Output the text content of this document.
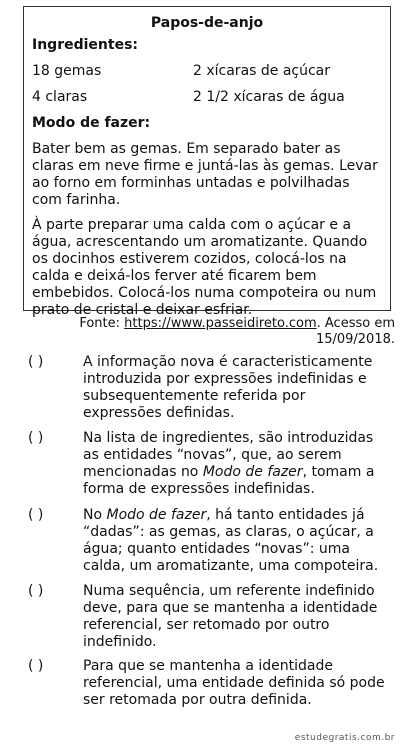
Papos-de-anjo
Ingredientes:
18 gemas	2 xícaras de açúcar
4 claras	2 1/2 xícaras de água
Modo de fazer:

Bater bem as gemas. Em separado bater as claras em neve firme e juntá-las às gemas. Levar ao forno em forminhas untadas e polvilhadas com farinha.

À parte preparar uma calda com o açúcar e a água, acrescentando um aromatizante. Quando os docinhos estiverem cozidos, colocá-los na calda e deixá-los ferver até ficarem bem embebidos. Colocá-los numa compoteira ou num prato de cristal e deixar esfriar.

Fonte: https://www.passeidireto.com. Acesso em 15/09/2018.
( )	A informação nova é caracteristicamente introduzida por expressões indefinidas e subsequentemente referida por expressões definidas.
( )	Na lista de ingredientes, são introduzidas as entidades “novas”, que, ao serem mencionadas no Modo de fazer, tomam a forma de expressões indefinidas.
( )	No Modo de fazer, há tanto entidades já “dadas”: as gemas, as claras, o açúcar, a água; quanto entidades “novas”: uma calda, um aromatizante, uma compoteira.
( )	Numa sequência, um referente indefinido deve, para que se mantenha a identidade referencial, ser retomado por outro indefinido.
( )	Para que se mantenha a identidade referencial, uma entidade definida só pode ser retomada por outra definida.
estudegratis.com.br
